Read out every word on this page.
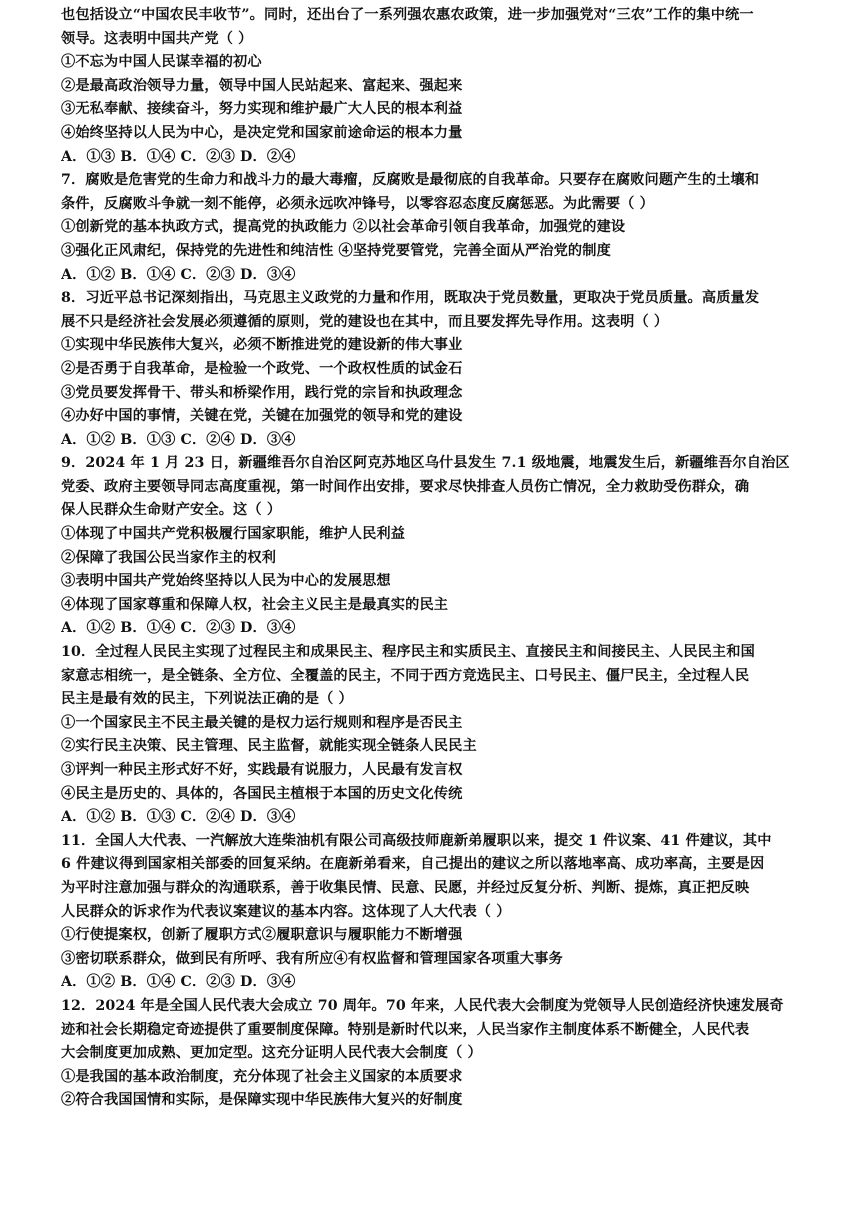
也包括设立“中国农民丰收节”。同时，还出台了一系列强农惠农政策，进一步加强党对“三农”工作的集中统一
领导。这表明中国共产党（ ）
①不忘为中国人民谋幸福的初心
②是最高政治领导力量，领导中国人民站起来、富起来、强起来
③无私奉献、接续奋斗，努力实现和维护最广大人民的根本利益
④始终坚持以人民为中心，是决定党和国家前途命运的根本力量
A．①③ B．①④ C．②③ D．②④
7．腐败是危害党的生命力和战斗力的最大毒瘤，反腐败是最彻底的自我革命。只要存在腐败问题产生的土壤和
条件，反腐败斗争就一刻不能停，必须永远吹冲锋号，以零容忍态度反腐惩恶。为此需要（ ）
①创新党的基本执政方式，提高党的执政能力 ②以社会革命引领自我革命，加强党的建设
③强化正风肃纪，保持党的先进性和纯洁性 ④坚持党要管党，完善全面从严治党的制度
A．①② B．①④ C．②③ D．③④
8．习近平总书记深刻指出，马克思主义政党的力量和作用，既取决于党员数量，更取决于党员质量。高质量发
展不只是经济社会发展必须遵循的原则，党的建设也在其中，而且要发挥先导作用。这表明（ ）
①实现中华民族伟大复兴，必须不断推进党的建设新的伟大事业
②是否勇于自我革命，是检验一个政党、一个政权性质的试金石
③党员要发挥骨干、带头和桥梁作用，践行党的宗旨和执政理念
④办好中国的事情，关键在党，关键在加强党的领导和党的建设
A．①② B．①③ C．②④ D．③④
9．2024 年 1 月 23 日，新疆维吾尔自治区阿克苏地区乌什县发生 7.1 级地震，地震发生后，新疆维吾尔自治区
党委、政府主要领导同志高度重视，第一时间作出安排，要求尽快排查人员伤亡情况，全力救助受伤群众，确
保人民群众生命财产安全。这（ ）
①体现了中国共产党积极履行国家职能，维护人民利益
②保障了我国公民当家作主的权利
③表明中国共产党始终坚持以人民为中心的发展思想
④体现了国家尊重和保障人权，社会主义民主是最真实的民主
A．①② B．①④ C．②③ D．③④
10．全过程人民民主实现了过程民主和成果民主、程序民主和实质民主、直接民主和间接民主、人民民主和国
家意志相统一，是全链条、全方位、全覆盖的民主，不同于西方竞选民主、口号民主、僵尸民主，全过程人民
民主是最有效的民主，下列说法正确的是（ ）
①一个国家民主不民主最关键的是权力运行规则和程序是否民主
②实行民主决策、民主管理、民主监督，就能实现全链条人民民主
③评判一种民主形式好不好，实践最有说服力，人民最有发言权
④民主是历史的、具体的，各国民主植根于本国的历史文化传统
A．①② B．①③ C．②④ D．③④
11．全国人大代表、一汽解放大连柴油机有限公司高级技师鹿新弟履职以来，提交 1 件议案、41 件建议，其中
6 件建议得到国家相关部委的回复采纳。在鹿新弟看来，自己提出的建议之所以落地率高、成功率高，主要是因
为平时注意加强与群众的沟通联系，善于收集民情、民意、民愿，并经过反复分析、判断、提炼，真正把反映
人民群众的诉求作为代表议案建议的基本内容。这体现了人大代表（ ）
①行使提案权，创新了履职方式②履职意识与履职能力不断增强
③密切联系群众，做到民有所呼、我有所应④有权监督和管理国家各项重大事务
A．①② B．①④ C．②③ D．③④
12．2024 年是全国人民代表大会成立 70 周年。70 年来，人民代表大会制度为党领导人民创造经济快速发展奇
迹和社会长期稳定奇迹提供了重要制度保障。特别是新时代以来，人民当家作主制度体系不断健全，人民代表
大会制度更加成熟、更加定型。这充分证明人民代表大会制度（ ）
①是我国的基本政治制度，充分体现了社会主义国家的本质要求
②符合我国国情和实际，是保障实现中华民族伟大复兴的好制度
